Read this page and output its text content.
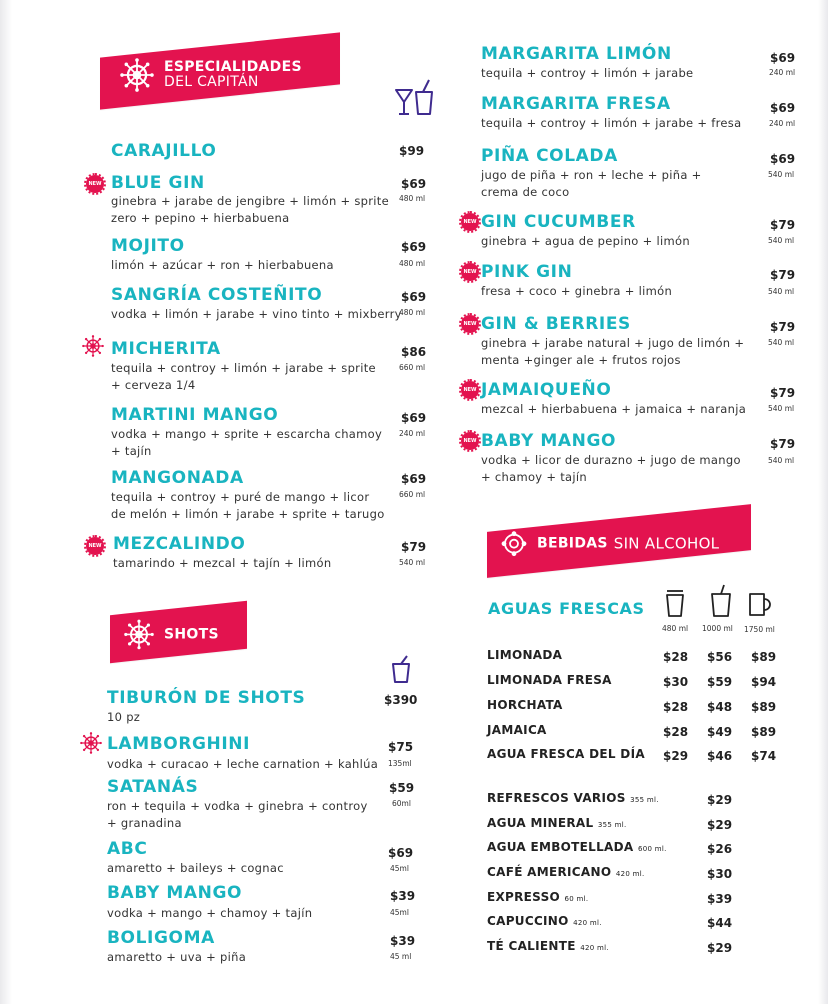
ESPECIALIDADES
DEL CAPITÁN
CARAJILLO	$99
NEW BLUE GIN	$69
480 ml
ginebra + jarabe de jengibre + limón + sprite
zero + pepino + hierbabuena
MOJITO	$69
480 ml
limón + azúcar + ron + hierbabuena
SANGRÍA COSTEÑITO	$69
480 ml
vodka + limón + jarabe + vino tinto + mixberry
MICHERITA	$86
660 ml
tequila + controy + limón + jarabe + sprite
+ cerveza 1/4
MARTINI MANGO	$69
240 ml
vodka + mango + sprite + escarcha chamoy
+ tajín
MANGONADA	$69
660 ml
tequila + controy + puré de mango + licor
de melón + limón + jarabe + sprite + tarugo
NEW MEZCALINDO	$79
540 ml
tamarindo + mezcal + tajín + limón
MARGARITA LIMÓN	$69
240 ml
tequila + controy + limón + jarabe
MARGARITA FRESA	$69
240 ml
tequila + controy + limón + jarabe + fresa
PIÑA COLADA	$69
540 ml
jugo de piña + ron + leche + piña +
crema de coco
NEW GIN CUCUMBER	$79
540 ml
ginebra + agua de pepino + limón
NEW PINK GIN	$79
540 ml
fresa + coco + ginebra + limón
NEW GIN & BERRIES	$79
540 ml
ginebra + jarabe natural + jugo de limón +
menta +ginger ale + frutos rojos
NEW JAMAIQUEÑO	$79
540 ml
mezcal + hierbabuena + jamaica + naranja
NEW BABY MANGO	$79
540 ml
vodka + licor de durazno + jugo de mango
+ chamoy + tajín
SHOTS
TIBURÓN DE SHOTS	$390
10 pz
LAMBORGHINI	$75
135ml
vodka + curacao + leche carnation + kahlúa
SATANÁS	$59
60ml
ron + tequila + vodka + ginebra + controy
+ granadina
ABC	$69
45ml
amaretto + baileys + cognac
BABY MANGO	$39
45ml
vodka + mango + chamoy + tajín
BOLIGOMA	$39
45 ml
amaretto + uva + piña
BEBIDAS SIN ALCOHOL
AGUAS FRESCAS
480 ml 1000 ml 1750 ml
LIMONADA	$28 $56 $89
LIMONADA FRESA	$30 $59 $94
HORCHATA	$28 $48 $89
JAMAICA	$28 $49 $89
AGUA FRESCA DEL DÍA $29 $46 $74
REFRESCOS VARIOS 355 ml.	$29
AGUA MINERAL 355 ml.	$29
AGUA EMBOTELLADA 600 ml.	$26
CAFÉ AMERICANO 420 ml.	$30
EXPRESSO 60 ml.	$39
CAPUCCINO 420 ml.	$44
TÉ CALIENTE 420 ml.	$29
